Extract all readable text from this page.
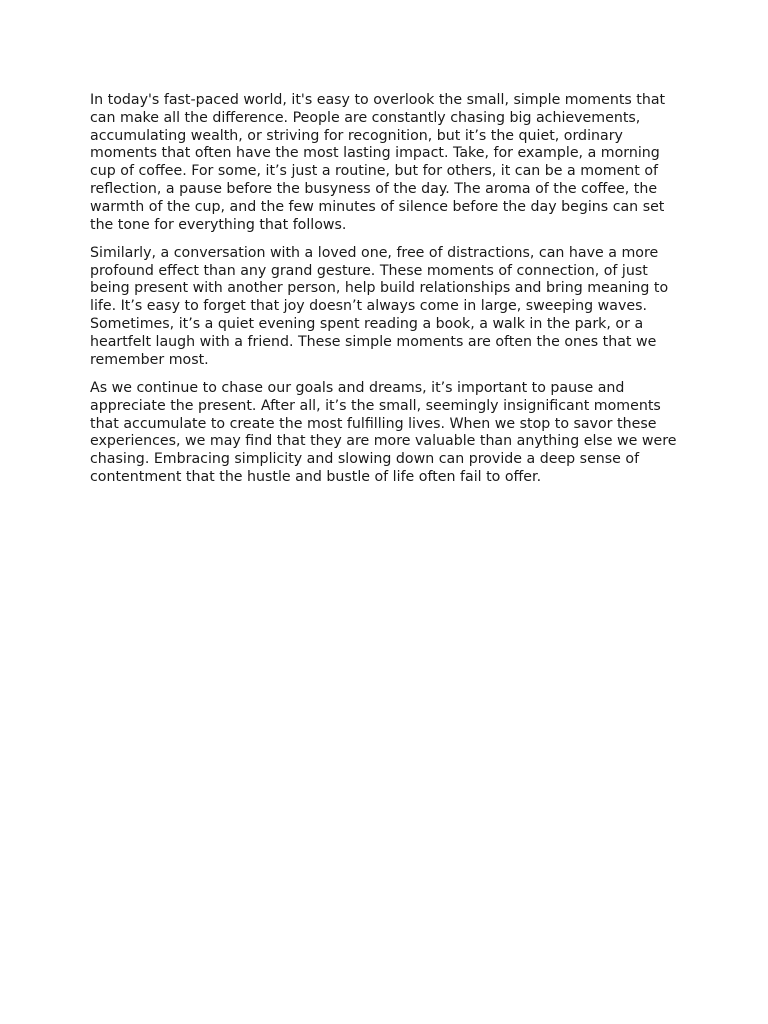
In today's fast-paced world, it's easy to overlook the small, simple moments that can make all the difference. People are constantly chasing big achievements, accumulating wealth, or striving for recognition, but it’s the quiet, ordinary moments that often have the most lasting impact. Take, for example, a morning cup of coffee. For some, it’s just a routine, but for others, it can be a moment of reflection, a pause before the busyness of the day. The aroma of the coffee, the warmth of the cup, and the few minutes of silence before the day begins can set the tone for everything that follows.

Similarly, a conversation with a loved one, free of distractions, can have a more profound effect than any grand gesture. These moments of connection, of just being present with another person, help build relationships and bring meaning to life. It’s easy to forget that joy doesn’t always come in large, sweeping waves. Sometimes, it’s a quiet evening spent reading a book, a walk in the park, or a heartfelt laugh with a friend. These simple moments are often the ones that we remember most.

As we continue to chase our goals and dreams, it’s important to pause and appreciate the present. After all, it’s the small, seemingly insignificant moments that accumulate to create the most fulfilling lives. When we stop to savor these experiences, we may find that they are more valuable than anything else we were chasing. Embracing simplicity and slowing down can provide a deep sense of contentment that the hustle and bustle of life often fail to offer.
